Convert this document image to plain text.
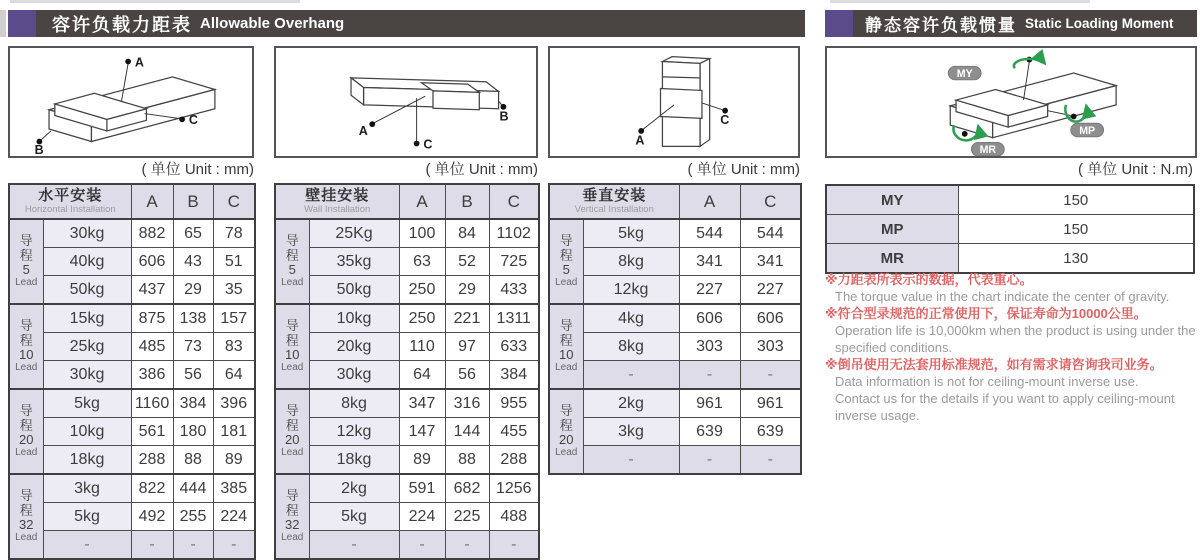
容许负载力距表 Allowable Overhang	静态容许负载惯量 Static Loading Moment
A
B
C
A
B
C	A
C
MY
MP
MR
( 单位 Unit : mm)	( 单位 Unit : mm)	( 单位 Unit : mm)	( 单位 Unit : N.m)
水平安装
Horizontal Installation		A	B	C

导
程
5
Lead	30kg	882	65	78
	40kg	606	43	51
	50kg	437	29	35

导
程
10
Lead	15kg	875	138	157
	25kg	485	73	83
	30kg	386	56	64

导
程
20
Lead	5kg	1160	384	396
	10kg	561	180	181
	18kg	288	88	89

导
程
32
Lead	3kg	822	444	385
	5kg	492	255	224
	-	-	-	-
壁挂安装
Wall Installation		A	B	C

导
程
5
Lead	25Kg	100	84	1102
	35kg	63	52	725
	50kg	250	29	433

导
程
10
Lead	10kg	250	221	1311
	20kg	110	97	633
	30kg	64	56	384

导
程
20
Lead	8kg	347	316	955
	12kg	147	144	455
	18kg	89	88	288

导
程
32
Lead	2kg	591	682	1256
	5kg	224	225	488
	-	-	-	-
垂直安装
Vertical Installation		A	C

导
程
5
Lead	5kg	544	544
	8kg	341	341
	12kg	227	227

导
程
10
Lead	4kg	606	606
	8kg	303	303
	-	-	-

导
程
20
Lead	2kg	961	961
	3kg	639	639
	-	-	-
MY	150
MP	150
MR	130
※力距表所表示的数据，代表重心。
The torque value in the chart indicate the center of gravity.
※符合型录规范的正常使用下，保证寿命为10000公里。
Operation life is 10,000km when the product is using under the
specified conditions.
※倒吊使用无法套用标准规范，如有需求请咨询我司业务。
Data information is not for ceiling-mount inverse use.
Contact us for the details if you want to apply ceiling-mount
inverse usage.
